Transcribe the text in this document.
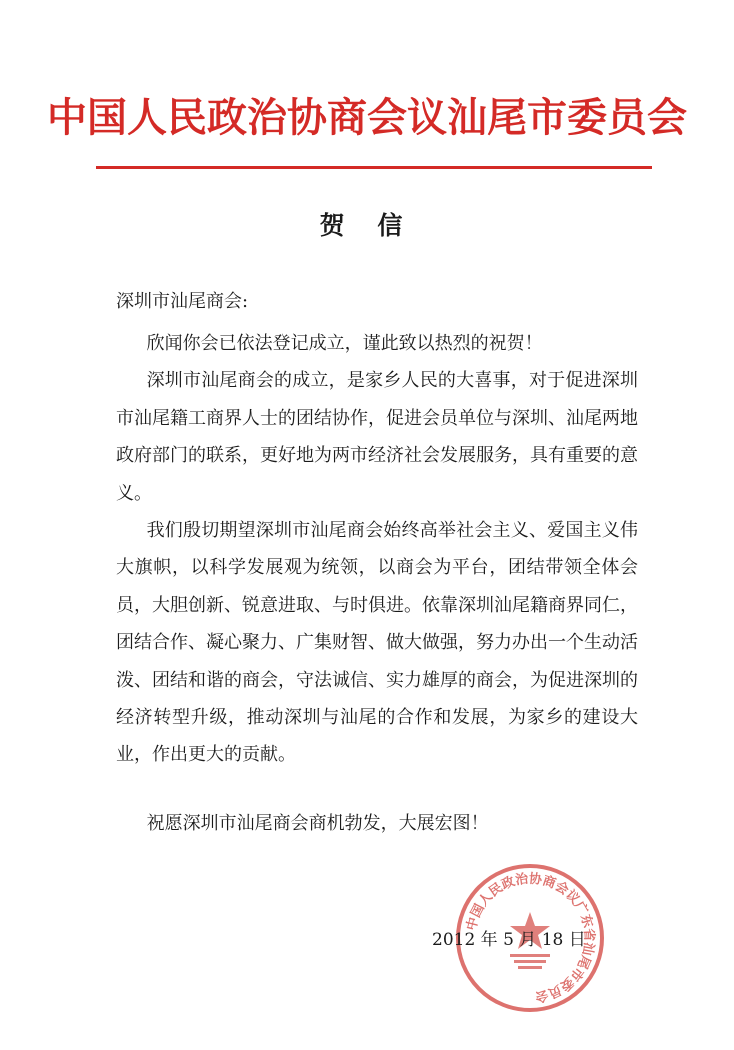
中国人民政治协商会议汕尾市委员会
贺 信
深圳市汕尾商会:

欣闻你会已依法登记成立，谨此致以热烈的祝贺！

深圳市汕尾商会的成立，是家乡人民的大喜事，对于促进深圳市汕尾籍工商界人士的团结协作，促进会员单位与深圳、汕尾两地政府部门的联系，更好地为两市经济社会发展服务，具有重要的意义。

我们殷切期望深圳市汕尾商会始终高举社会主义、爱国主义伟大旗帜，以科学发展观为统领，以商会为平台，团结带领全体会员，大胆创新、锐意进取、与时俱进。依靠深圳汕尾籍商界同仁，团结合作、凝心聚力、广集财智、做大做强，努力办出一个生动活泼、团结和谐的商会，守法诚信、实力雄厚的商会，为促进深圳的经济转型升级，推动深圳与汕尾的合作和发展，为家乡的建设大业，作出更大的贡献。

祝愿深圳市汕尾商会商机勃发，大展宏图！
中国人民政治协商会议广东省汕尾市委员会
2012 年 5 月 18 日
